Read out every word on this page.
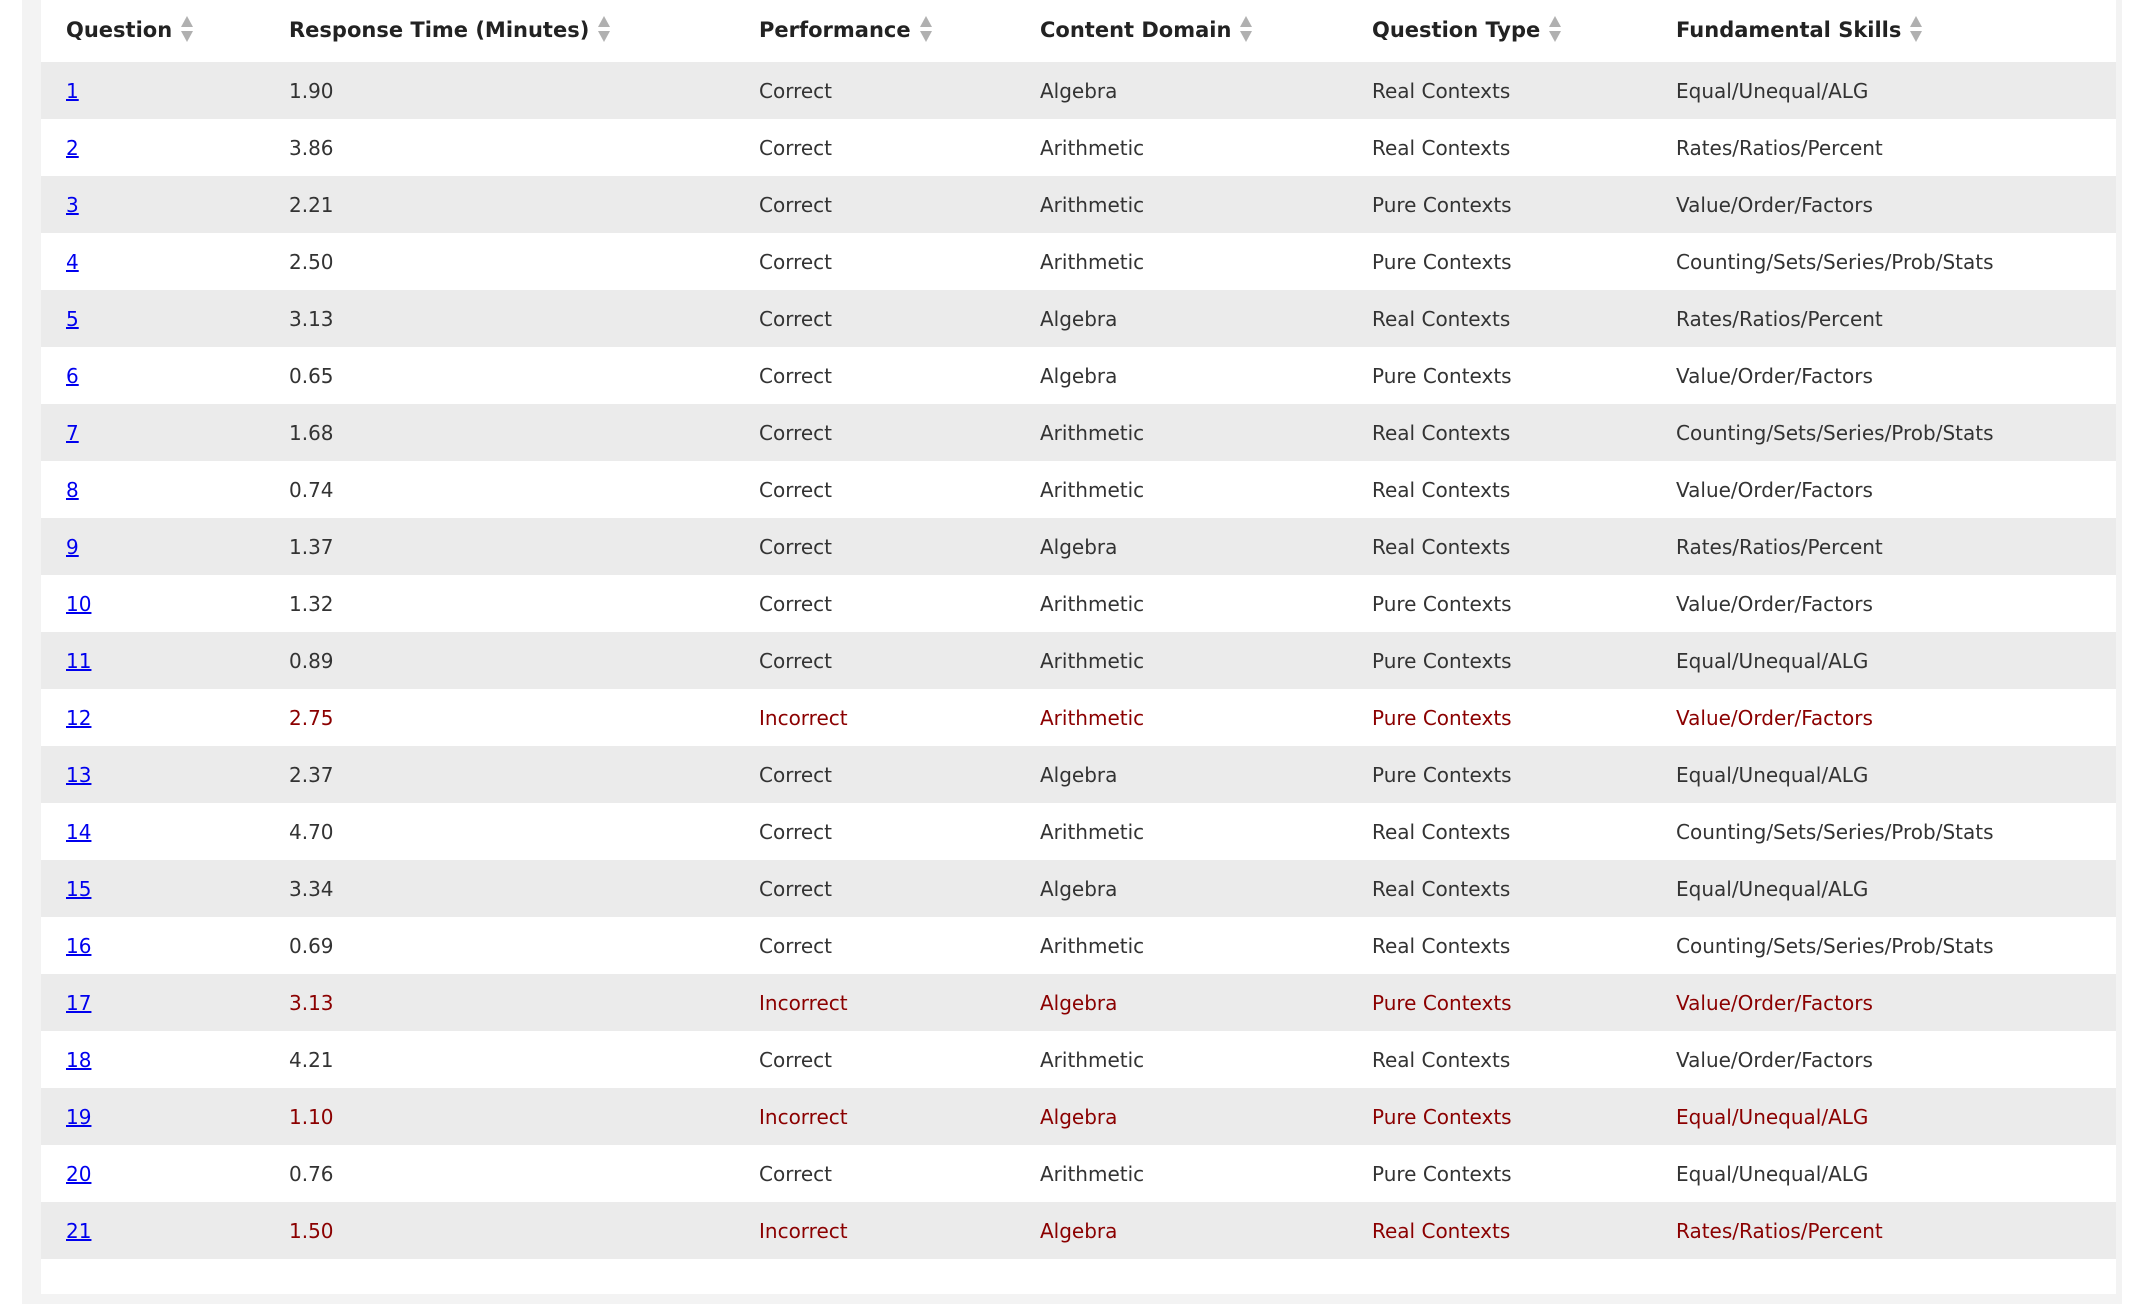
Question	Response Time (Minutes)	Performance	Content Domain	Question Type	Fundamental Skills

1	1.90	Correct	Algebra	Real Contexts	Equal/Unequal/ALG
2	3.86	Correct	Arithmetic	Real Contexts	Rates/Ratios/Percent
3	2.21	Correct	Arithmetic	Pure Contexts	Value/Order/Factors
4	2.50	Correct	Arithmetic	Pure Contexts	Counting/Sets/Series/Prob/Stats
5	3.13	Correct	Algebra	Real Contexts	Rates/Ratios/Percent
6	0.65	Correct	Algebra	Pure Contexts	Value/Order/Factors
7	1.68	Correct	Arithmetic	Real Contexts	Counting/Sets/Series/Prob/Stats
8	0.74	Correct	Arithmetic	Real Contexts	Value/Order/Factors
9	1.37	Correct	Algebra	Real Contexts	Rates/Ratios/Percent
10	1.32	Correct	Arithmetic	Pure Contexts	Value/Order/Factors
11	0.89	Correct	Arithmetic	Pure Contexts	Equal/Unequal/ALG
12	2.75	Incorrect	Arithmetic	Pure Contexts	Value/Order/Factors
13	2.37	Correct	Algebra	Pure Contexts	Equal/Unequal/ALG
14	4.70	Correct	Arithmetic	Real Contexts	Counting/Sets/Series/Prob/Stats
15	3.34	Correct	Algebra	Real Contexts	Equal/Unequal/ALG
16	0.69	Correct	Arithmetic	Real Contexts	Counting/Sets/Series/Prob/Stats
17	3.13	Incorrect	Algebra	Pure Contexts	Value/Order/Factors
18	4.21	Correct	Arithmetic	Real Contexts	Value/Order/Factors
19	1.10	Incorrect	Algebra	Pure Contexts	Equal/Unequal/ALG
20	0.76	Correct	Arithmetic	Pure Contexts	Equal/Unequal/ALG
21	1.50	Incorrect	Algebra	Real Contexts	Rates/Ratios/Percent
